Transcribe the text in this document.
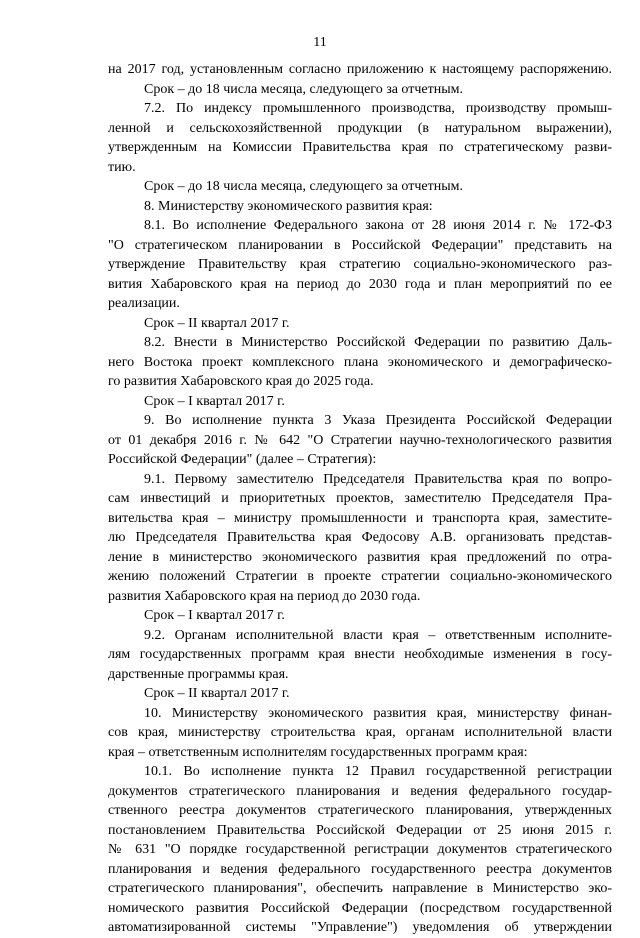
11
на 2017 год, установленным согласно приложению к настоящему распоряжению.
Срок – до 18 числа месяца, следующего за отчетным.
7.2. По индексу промышленного производства, производству промыш-
ленной и сельскохозяйственной продукции (в натуральном выражении),
утвержденным на Комиссии Правительства края по стратегическому разви-
тию.
Срок – до 18 числа месяца, следующего за отчетным.
8. Министерству экономического развития края:
8.1. Во исполнение Федерального закона от 28 июня 2014 г. № 172-ФЗ
"О стратегическом планировании в Российской Федерации" представить на
утверждение Правительству края стратегию социально-экономического раз-
вития Хабаровского края на период до 2030 года и план мероприятий по ее
реализации.
Срок – II квартал 2017 г.
8.2. Внести в Министерство Российской Федерации по развитию Даль-
него Востока проект комплексного плана экономического и демографическо-
го развития Хабаровского края до 2025 года.
Срок – I квартал 2017 г.
9. Во исполнение пункта 3 Указа Президента Российской Федерации
от 01 декабря 2016 г. № 642 "О Стратегии научно-технологического развития
Российской Федерации" (далее – Стратегия):
9.1. Первому заместителю Председателя Правительства края по вопро-
сам инвестиций и приоритетных проектов, заместителю Председателя Пра-
вительства края – министру промышленности и транспорта края, заместите-
лю Председателя Правительства края Федосову А.В. организовать представ-
ление в министерство экономического развития края предложений по отра-
жению положений Стратегии в проекте стратегии социально-экономического
развития Хабаровского края на период до 2030 года.
Срок – I квартал 2017 г.
9.2. Органам исполнительной власти края – ответственным исполните-
лям государственных программ края внести необходимые изменения в госу-
дарственные программы края.
Срок – II квартал 2017 г.
10. Министерству экономического развития края, министерству финан-
сов края, министерству строительства края, органам исполнительной власти
края – ответственным исполнителям государственных программ края:
10.1. Во исполнение пункта 12 Правил государственной регистрации
документов стратегического планирования и ведения федерального государ-
ственного реестра документов стратегического планирования, утвержденных
постановлением Правительства Российской Федерации от 25 июня 2015 г.
№ 631 "О порядке государственной регистрации документов стратегического
планирования и ведения федерального государственного реестра документов
стратегического планирования", обеспечить направление в Министерство эко-
номического развития Российской Федерации (посредством государственной
автоматизированной системы "Управление") уведомления об утверждении
